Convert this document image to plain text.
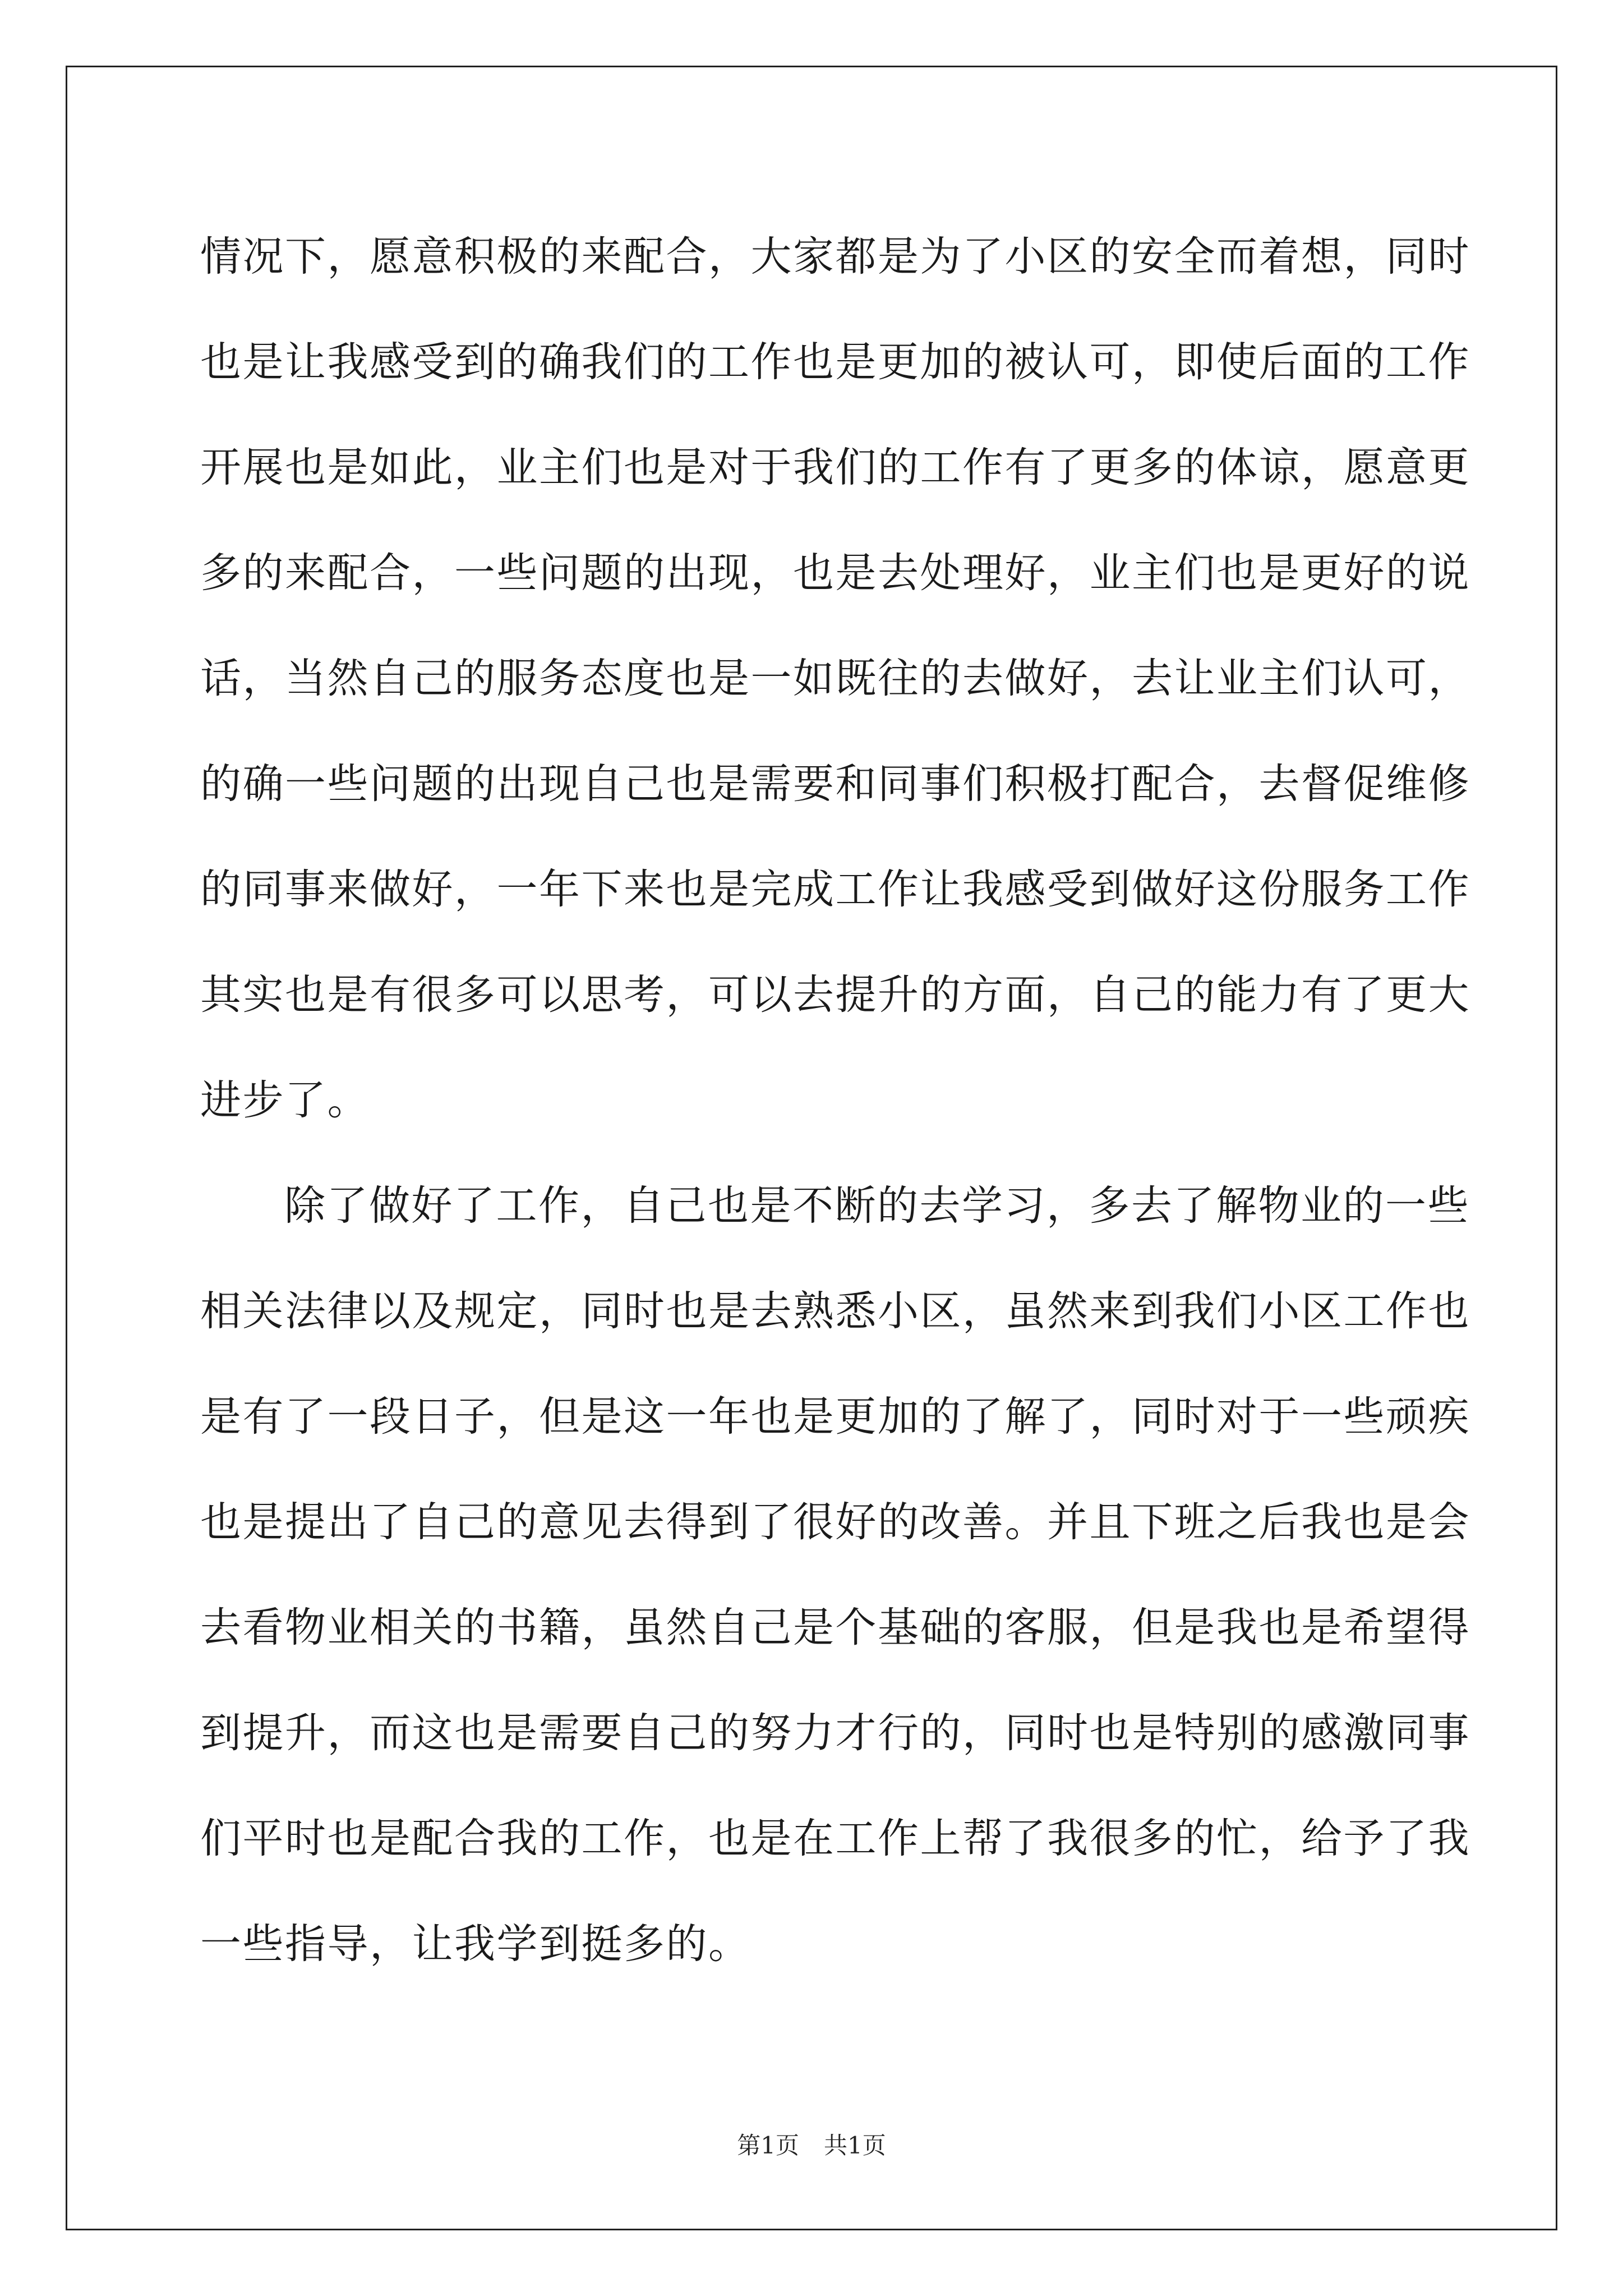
情况下，愿意积极的来配合，大家都是为了小区的安全而着想，同时
也是让我感受到的确我们的工作也是更加的被认可，即使后面的工作
开展也是如此，业主们也是对于我们的工作有了更多的体谅，愿意更
多的来配合，一些问题的出现，也是去处理好，业主们也是更好的说
话，当然自己的服务态度也是一如既往的去做好，去让业主们认可，
的确一些问题的出现自己也是需要和同事们积极打配合，去督促维修
的同事来做好，一年下来也是完成工作让我感受到做好这份服务工作
其实也是有很多可以思考，可以去提升的方面，自己的能力有了更大
进步了。
除了做好了工作，自己也是不断的去学习，多去了解物业的一些
相关法律以及规定，同时也是去熟悉小区，虽然来到我们小区工作也
是有了一段日子，但是这一年也是更加的了解了，同时对于一些顽疾
也是提出了自己的意见去得到了很好的改善。并且下班之后我也是会
去看物业相关的书籍，虽然自己是个基础的客服，但是我也是希望得
到提升，而这也是需要自己的努力才行的，同时也是特别的感激同事
们平时也是配合我的工作，也是在工作上帮了我很多的忙，给予了我
一些指导，让我学到挺多的。
第1页 共1页
